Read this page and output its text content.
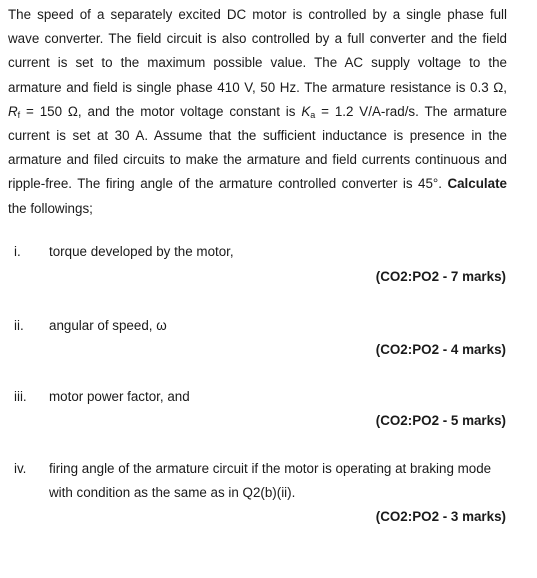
The speed of a separately excited DC motor is controlled by a single phase full
wave converter. The field circuit is also controlled by a full converter and the field
current is set to the maximum possible value. The AC supply voltage to the
armature and field is single phase 410 V, 50 Hz. The armature resistance is 0.3 Ω,
$R_f = 150$ Ω, and the motor voltage constant is $K_a = 1.2$ V/A-rad/s. The armature
current is set at 30 A. Assume that the sufficient inductance is presence in the
armature and filed circuits to make the armature and field currents continuous and
ripple-free. The firing angle of the armature controlled converter is 45°. Calculate
the followings;

i.	torque developed by the motor,
(CO2:PO2 - 7 marks)
ii.	angular of speed, ω
(CO2:PO2 - 4 marks)
iii.	motor power factor, and
(CO2:PO2 - 5 marks)
iv.	firing angle of the armature circuit if the motor is operating at braking mode
with condition as the same as in Q2(b)(ii).
(CO2:PO2 - 3 marks)
